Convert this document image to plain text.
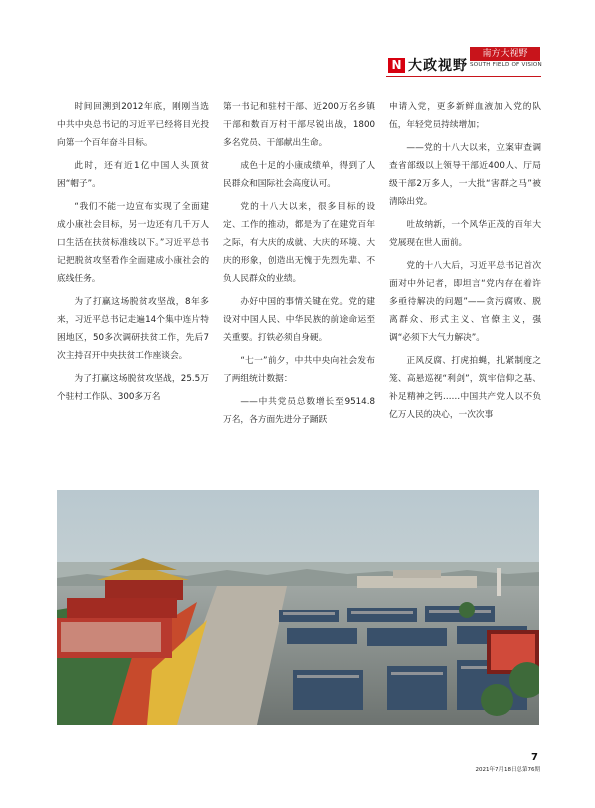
N 大政视野
南方大视野
SOUTH FIELD OF VISION

时间回溯到2012年底，刚刚当选中共中央总书记的习近平已经将目光投向第一个百年奋斗目标。

此时，还有近1亿中国人头顶贫困“帽子”。

“我们不能一边宣布实现了全面建成小康社会目标，另一边还有几千万人口生活在扶贫标准线以下。”习近平总书记把脱贫攻坚看作全面建成小康社会的底线任务。

为了打赢这场脱贫攻坚战，8年多来，习近平总书记走遍14个集中连片特困地区，50多次调研扶贫工作，先后7次主持召开中央扶贫工作座谈会。

为了打赢这场脱贫攻坚战，25.5万个驻村工作队、300多万名

第一书记和驻村干部、近200万名乡镇干部和数百万村干部尽锐出战，1800多名党员、干部献出生命。

成色十足的小康成绩单，得到了人民群众和国际社会高度认可。

党的十八大以来，很多目标的设定、工作的推动，都是为了在建党百年之际，有大庆的成就、大庆的环境、大庆的形象，创造出无愧于先烈先辈、不负人民群众的业绩。

办好中国的事情关键在党。党的建设对中国人民、中华民族的前途命运至关重要。打铁必须自身硬。

“七一”前夕，中共中央向社会发布了两组统计数据：

——中共党员总数增长至9514.8万名，各方面先进分子踊跃

申请入党，更多新鲜血液加入党的队伍，年轻党员持续增加；

——党的十八大以来，立案审查调查省部级以上领导干部近400人、厅局级干部2万多人，一大批“害群之马”被清除出党。

吐故纳新，一个风华正茂的百年大党展现在世人面前。

党的十八大后，习近平总书记首次面对中外记者，即坦言“党内存在着许多亟待解决的问题”——贪污腐败、脱离群众、形式主义、官僚主义，强调“必须下大气力解决”。

正风反腐、打虎拍蝇，扎紧制度之笼、高悬巡视“利剑”，筑牢信仰之基、补足精神之钙……中国共产党人以不负亿万人民的决心，一次次事

7
2021年7月18日总第76期
